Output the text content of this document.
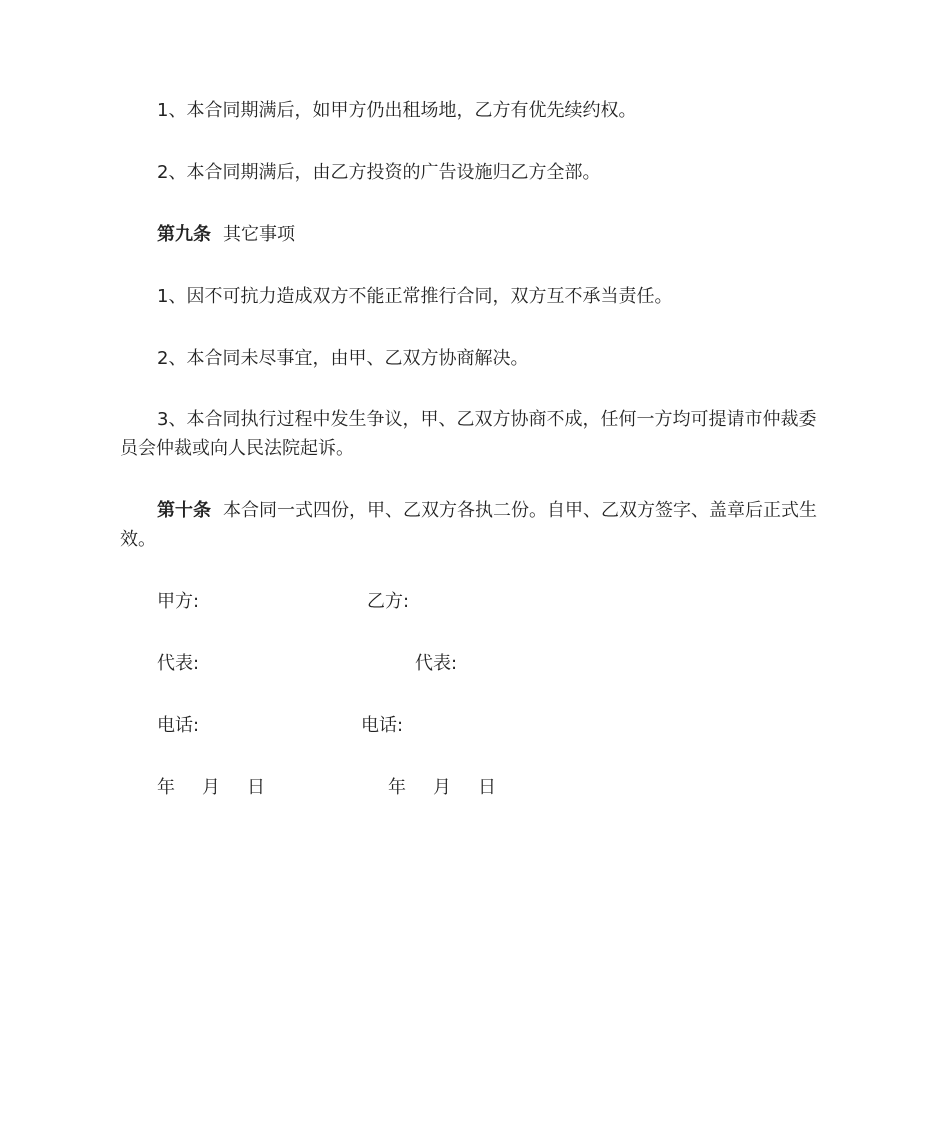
1、本合同期满后，如甲方仍出租场地，乙方有优先续约权。
2、本合同期满后，由乙方投资的广告设施归乙方全部。
第九条 其它事项
1、因不可抗力造成双方不能正常推行合同，双方互不承当责任。
2、本合同未尽事宜，由甲、乙双方协商解决。
3、本合同执行过程中发生争议，甲、乙双方协商不成，任何一方均可提请市仲裁委员会仲裁或向人民法院起诉。
第十条 本合同一式四份，甲、乙双方各执二份。自甲、乙双方签字、盖章后正式生效。
甲方:	乙方:
代表:	代表:
电话:	电话:
年 月 日	年 月 日
